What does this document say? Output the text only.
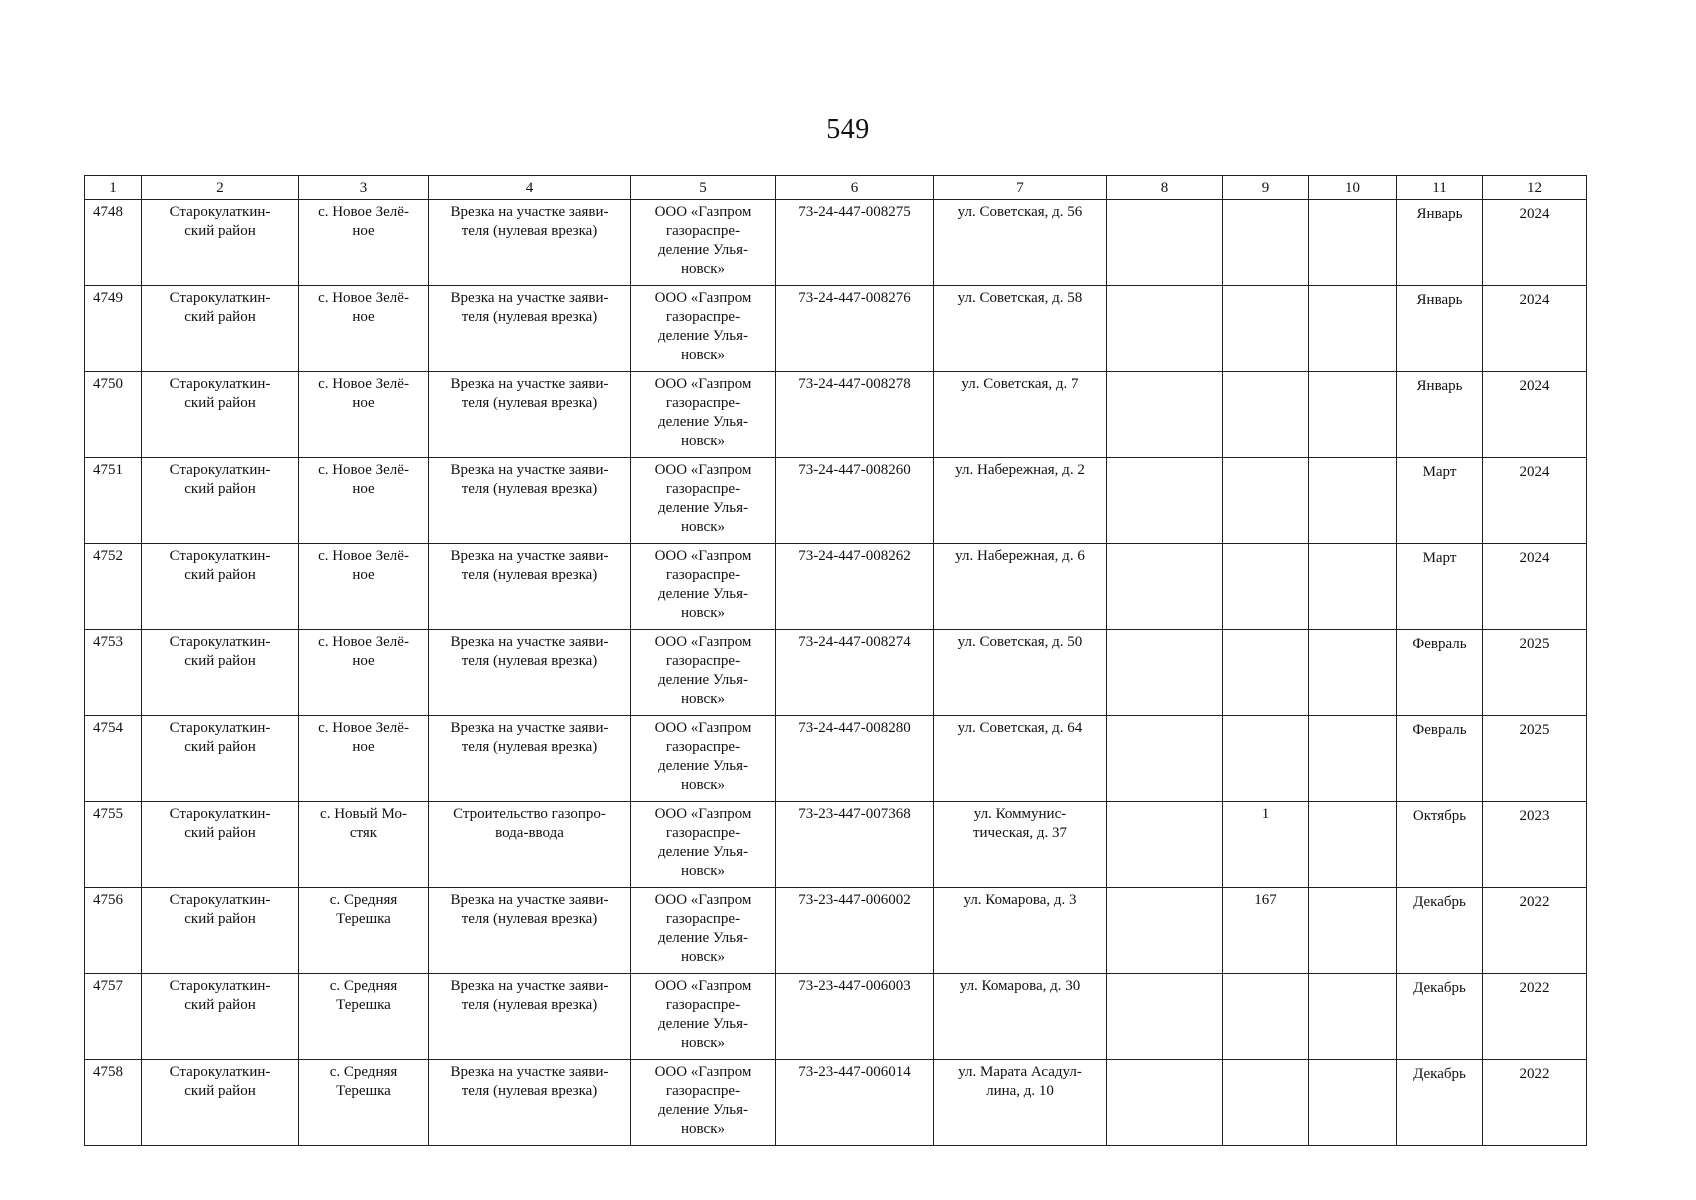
549
1	2	3	4	5	6	7	8	9	10	11	12

4748	Старокулаткин-
ский район	с. Новое Зелё-
ное	Врезка на участке заяви-
теля (нулевая врезка)	ООО «Газпром
газораспре-
деление Улья-
новск»	73-24-447-008275	ул. Советская, д. 56				Январь	2024

4749	Старокулаткин-
ский район	с. Новое Зелё-
ное	Врезка на участке заяви-
теля (нулевая врезка)	ООО «Газпром
газораспре-
деление Улья-
новск»	73-24-447-008276	ул. Советская, д. 58				Январь	2024

4750	Старокулаткин-
ский район	с. Новое Зелё-
ное	Врезка на участке заяви-
теля (нулевая врезка)	ООО «Газпром
газораспре-
деление Улья-
новск»	73-24-447-008278	ул. Советская, д. 7				Январь	2024

4751	Старокулаткин-
ский район	с. Новое Зелё-
ное	Врезка на участке заяви-
теля (нулевая врезка)	ООО «Газпром
газораспре-
деление Улья-
новск»	73-24-447-008260	ул. Набережная, д. 2				Март	2024

4752	Старокулаткин-
ский район	с. Новое Зелё-
ное	Врезка на участке заяви-
теля (нулевая врезка)	ООО «Газпром
газораспре-
деление Улья-
новск»	73-24-447-008262	ул. Набережная, д. 6				Март	2024

4753	Старокулаткин-
ский район	с. Новое Зелё-
ное	Врезка на участке заяви-
теля (нулевая врезка)	ООО «Газпром
газораспре-
деление Улья-
новск»	73-24-447-008274	ул. Советская, д. 50				Февраль	2025

4754	Старокулаткин-
ский район	с. Новое Зелё-
ное	Врезка на участке заяви-
теля (нулевая врезка)	ООО «Газпром
газораспре-
деление Улья-
новск»	73-24-447-008280	ул. Советская, д. 64				Февраль	2025

4755	Старокулаткин-
ский район	с. Новый Мо-
стяк	Строительство газопро-
вода-ввода	ООО «Газпром
газораспре-
деление Улья-
новск»	73-23-447-007368	ул. Коммунис-
тическая, д. 37		1		Октябрь	2023

4756	Старокулаткин-
ский район	с. Средняя
Терешка	Врезка на участке заяви-
теля (нулевая врезка)	ООО «Газпром
газораспре-
деление Улья-
новск»	73-23-447-006002	ул. Комарова, д. 3		167		Декабрь	2022

4757	Старокулаткин-
ский район	с. Средняя
Терешка	Врезка на участке заяви-
теля (нулевая врезка)	ООО «Газпром
газораспре-
деление Улья-
новск»	73-23-447-006003	ул. Комарова, д. 30				Декабрь	2022

4758	Старокулаткин-
ский район	с. Средняя
Терешка	Врезка на участке заяви-
теля (нулевая врезка)	ООО «Газпром
газораспре-
деление Улья-
новск»	73-23-447-006014	ул. Марата Асадул-
лина, д. 10				Декабрь	2022
